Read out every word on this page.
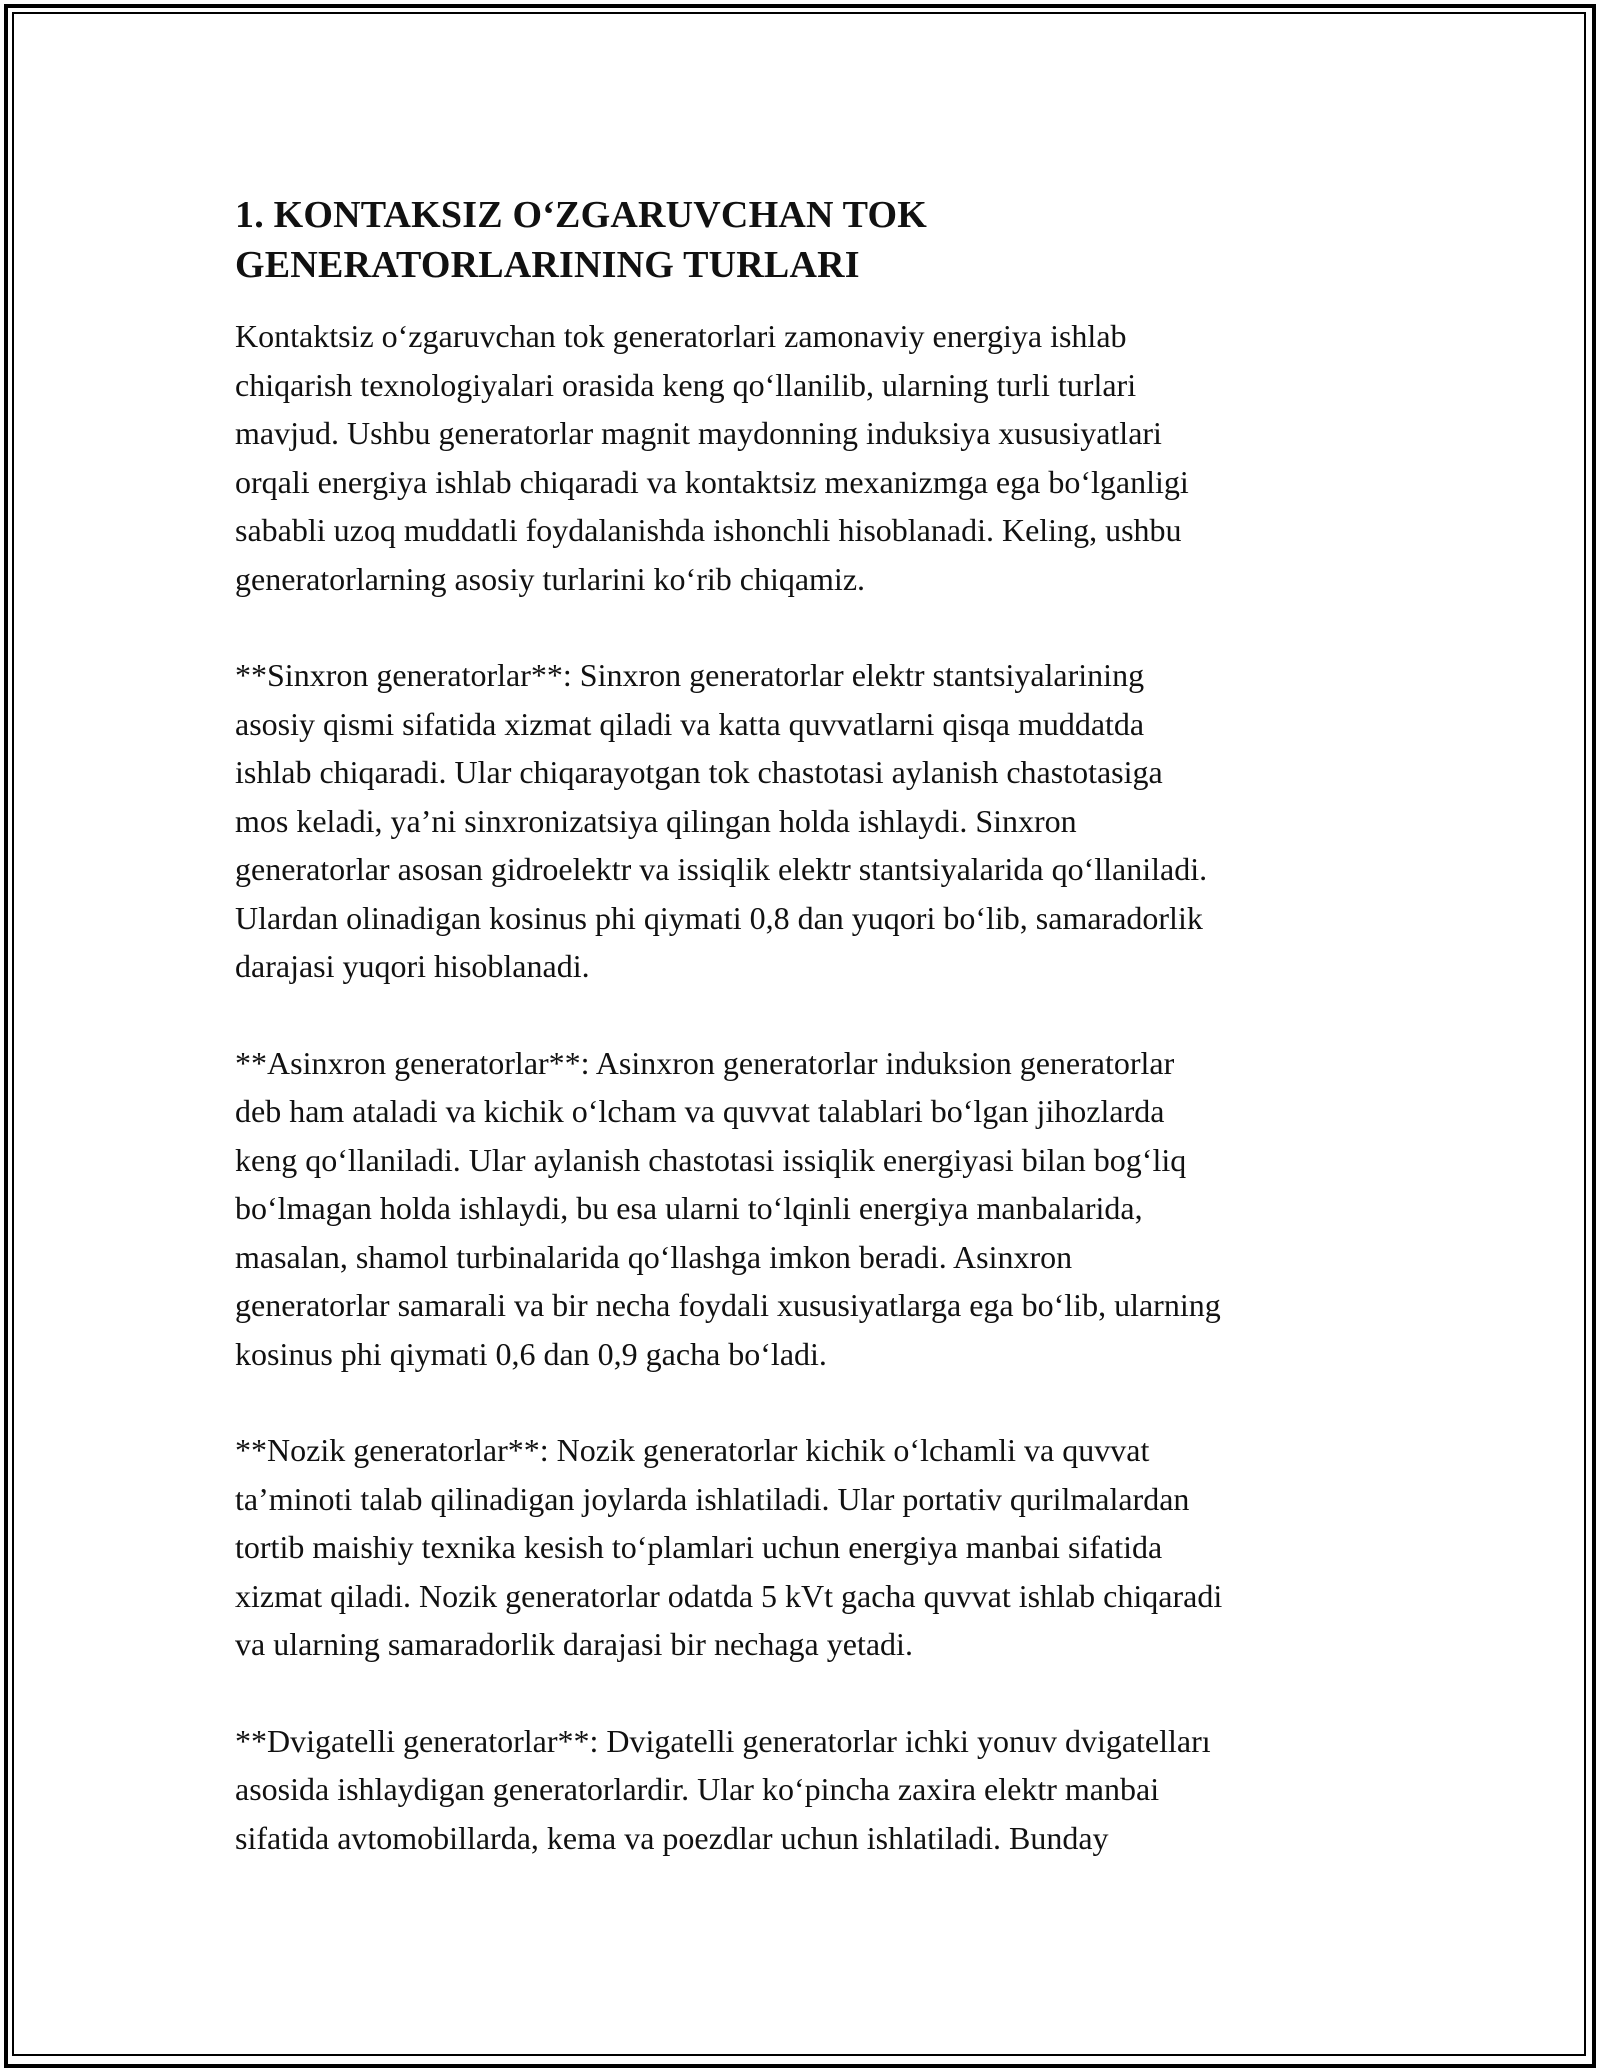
1. KONTAKSIZ O‘ZGARUVCHAN TOK
GENERATORLARINING TURLARI

Kontaktsiz o‘zgaruvchan tok generatorlari zamonaviy energiya ishlab
chiqarish texnologiyalari orasida keng qo‘llanilib, ularning turli turlari
mavjud. Ushbu generatorlar magnit maydonning induksiya xususiyatlari
orqali energiya ishlab chiqaradi va kontaktsiz mexanizmga ega bo‘lganligi
sababli uzoq muddatli foydalanishda ishonchli hisoblanadi. Keling, ushbu
generatorlarning asosiy turlarini ko‘rib chiqamiz.

**Sinxron generatorlar**: Sinxron generatorlar elektr stantsiyalarining
asosiy qismi sifatida xizmat qiladi va katta quvvatlarni qisqa muddatda
ishlab chiqaradi. Ular chiqarayotgan tok chastotasi aylanish chastotasiga
mos keladi, ya’ni sinxronizatsiya qilingan holda ishlaydi. Sinxron
generatorlar asosan gidroelektr va issiqlik elektr stantsiyalarida qo‘llaniladi.
Ulardan olinadigan kosinus phi qiymati 0,8 dan yuqori bo‘lib, samaradorlik
darajasi yuqori hisoblanadi.

**Asinxron generatorlar**: Asinxron generatorlar induksion generatorlar
deb ham ataladi va kichik o‘lcham va quvvat talablari bo‘lgan jihozlarda
keng qo‘llaniladi. Ular aylanish chastotasi issiqlik energiyasi bilan bog‘liq
bo‘lmagan holda ishlaydi, bu esa ularni to‘lqinli energiya manbalarida,
masalan, shamol turbinalarida qo‘llashga imkon beradi. Asinxron
generatorlar samarali va bir necha foydali xususiyatlarga ega bo‘lib, ularning
kosinus phi qiymati 0,6 dan 0,9 gacha bo‘ladi.

**Nozik generatorlar**: Nozik generatorlar kichik o‘lchamli va quvvat
ta’minoti talab qilinadigan joylarda ishlatiladi. Ular portativ qurilmalardan
tortib maishiy texnika kesish to‘plamlari uchun energiya manbai sifatida
xizmat qiladi. Nozik generatorlar odatda 5 kVt gacha quvvat ishlab chiqaradi
va ularning samaradorlik darajasi bir nechaga yetadi.

**Dvigatelli generatorlar**: Dvigatelli generatorlar ichki yonuv dvigatelları
asosida ishlaydigan generatorlardir. Ular ko‘pincha zaxira elektr manbai
sifatida avtomobillarda, kema va poezdlar uchun ishlatiladi. Bunday
